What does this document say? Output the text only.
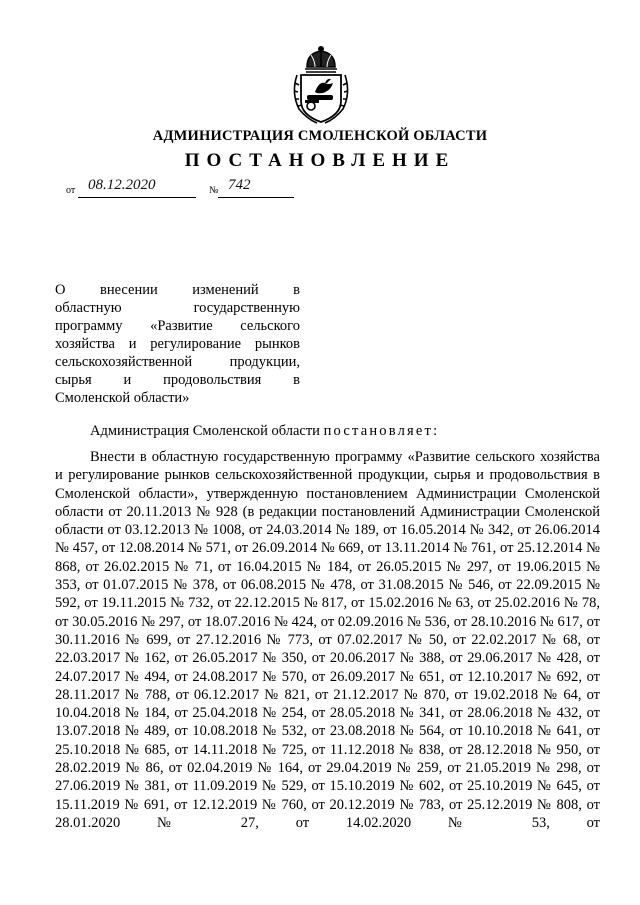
АДМИНИСТРАЦИЯ СМОЛЕНСКОЙ ОБЛАСТИ
ПОСТАНОВЛЕНИЕ
от 08.12.2020	№ 742
О внесении изменений в
областную государственную
программу «Развитие сельского
хозяйства и регулирование рынков
сельскохозяйственной продукции,
сырья и продовольствия в
Смоленской области»
Администрация Смоленской области постановляет:
Внести в областную государственную программу «Развитие сельского хозяйства и регулирование рынков сельскохозяйственной продукции, сырья и продовольствия в Смоленской области», утвержденную постановлением Администрации Смоленской области от 20.11.2013 № 928 (в редакции постановлений Администрации Смоленской области от 03.12.2013 № 1008, от 24.03.2014 № 189, от 16.05.2014 № 342, от 26.06.2014 № 457, от 12.08.2014 № 571, от 26.09.2014 № 669, от 13.11.2014 № 761, от 25.12.2014 № 868, от 26.02.2015 № 71, от 16.04.2015 № 184, от 26.05.2015 № 297, от 19.06.2015 № 353, от 01.07.2015 № 378, от 06.08.2015 № 478, от 31.08.2015 № 546, от 22.09.2015 № 592, от 19.11.2015 № 732, от 22.12.2015 № 817, от 15.02.2016 № 63, от 25.02.2016 № 78, от 30.05.2016 № 297, от 18.07.2016 № 424, от 02.09.2016 № 536, от 28.10.2016 № 617, от 30.11.2016 № 699, от 27.12.2016 № 773, от 07.02.2017 № 50, от 22.02.2017 № 68, от 22.03.2017 № 162, от 26.05.2017 № 350, от 20.06.2017 № 388, от 29.06.2017 № 428, от 24.07.2017 № 494, от 24.08.2017 № 570, от 26.09.2017 № 651, от 12.10.2017 № 692, от 28.11.2017 № 788, от 06.12.2017 № 821, от 21.12.2017 № 870, от 19.02.2018 № 64, от 10.04.2018 № 184, от 25.04.2018 № 254, от 28.05.2018 № 341, от 28.06.2018 № 432, от 13.07.2018 № 489, от 10.08.2018 № 532, от 23.08.2018 № 564, от 10.10.2018 № 641, от 25.10.2018 № 685, от 14.11.2018 № 725, от 11.12.2018 № 838, от 28.12.2018 № 950, от 28.02.2019 № 86, от 02.04.2019 № 164, от 29.04.2019 № 259, от 21.05.2019 № 298, от 27.06.2019 № 381, от 11.09.2019 № 529, от 15.10.2019 № 602, от 25.10.2019 № 645, от 15.11.2019 № 691, от 12.12.2019 № 760, от 20.12.2019 № 783, от 25.12.2019 № 808, от 28.01.2020 № 27, от 14.02.2020 № 53, от
